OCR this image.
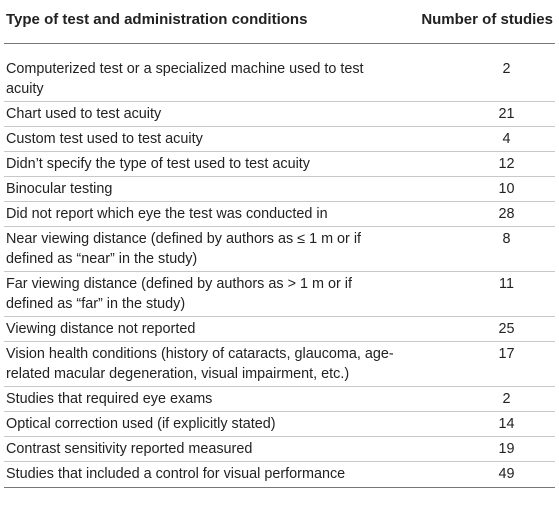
Type of test and administration conditions	Number of studies
Computerized test or a specialized machine used to test acuity	2
Chart used to test acuity	21
Custom test used to test acuity	4
Didn’t specify the type of test used to test acuity	12
Binocular testing	10
Did not report which eye the test was conducted in	28
Near viewing distance (defined by authors as ≤ 1 m or if defined as “near” in the study)	8
Far viewing distance (defined by authors as > 1 m or if defined as “far” in the study)	11
Viewing distance not reported	25
Vision health conditions (history of cataracts, glaucoma, age-related macular degeneration, visual impairment, etc.)	17
Studies that required eye exams	2
Optical correction used (if explicitly stated)	14
Contrast sensitivity reported measured	19
Studies that included a control for visual performance	49
